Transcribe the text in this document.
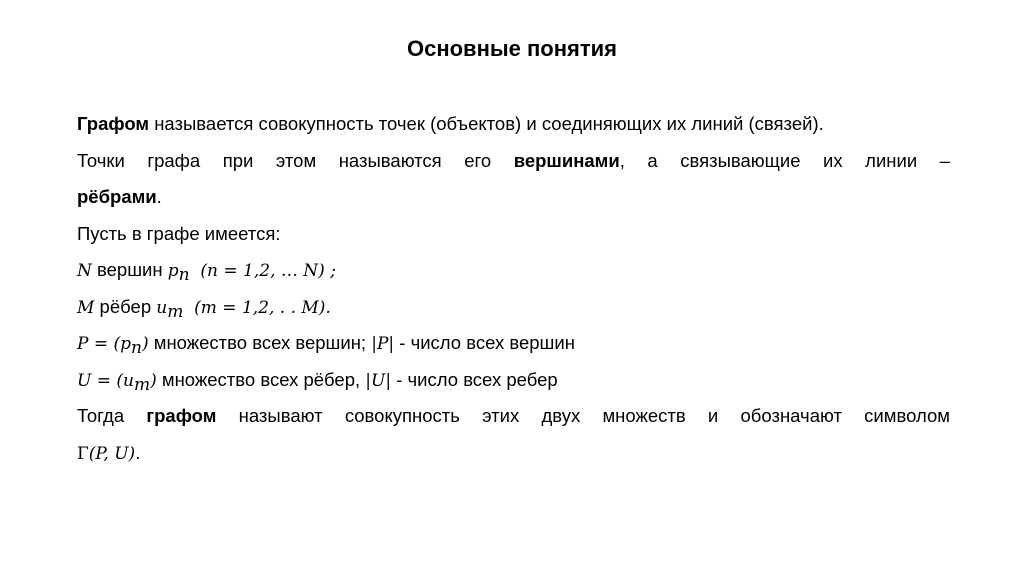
Основные понятия
Графом называется совокупность точек (объектов) и соединяющих их линий (связей).
Точки графа при этом называются его вершинами, а связывающие их линии –
рёбрами.
Пусть в графе имеется:
N вершин $p_n$  (n = 1,2, … N) ;
M рёбер $u_m$  (m = 1,2, . . M).
$P = (p_n)$ множество всех вершин; |P| - число всех вершин
$U = (u_m)$ множество всех рёбер, |U| - число всех ребер
Тогда графом называют совокупность этих двух множеств и обозначают символом
Γ(P, U).
